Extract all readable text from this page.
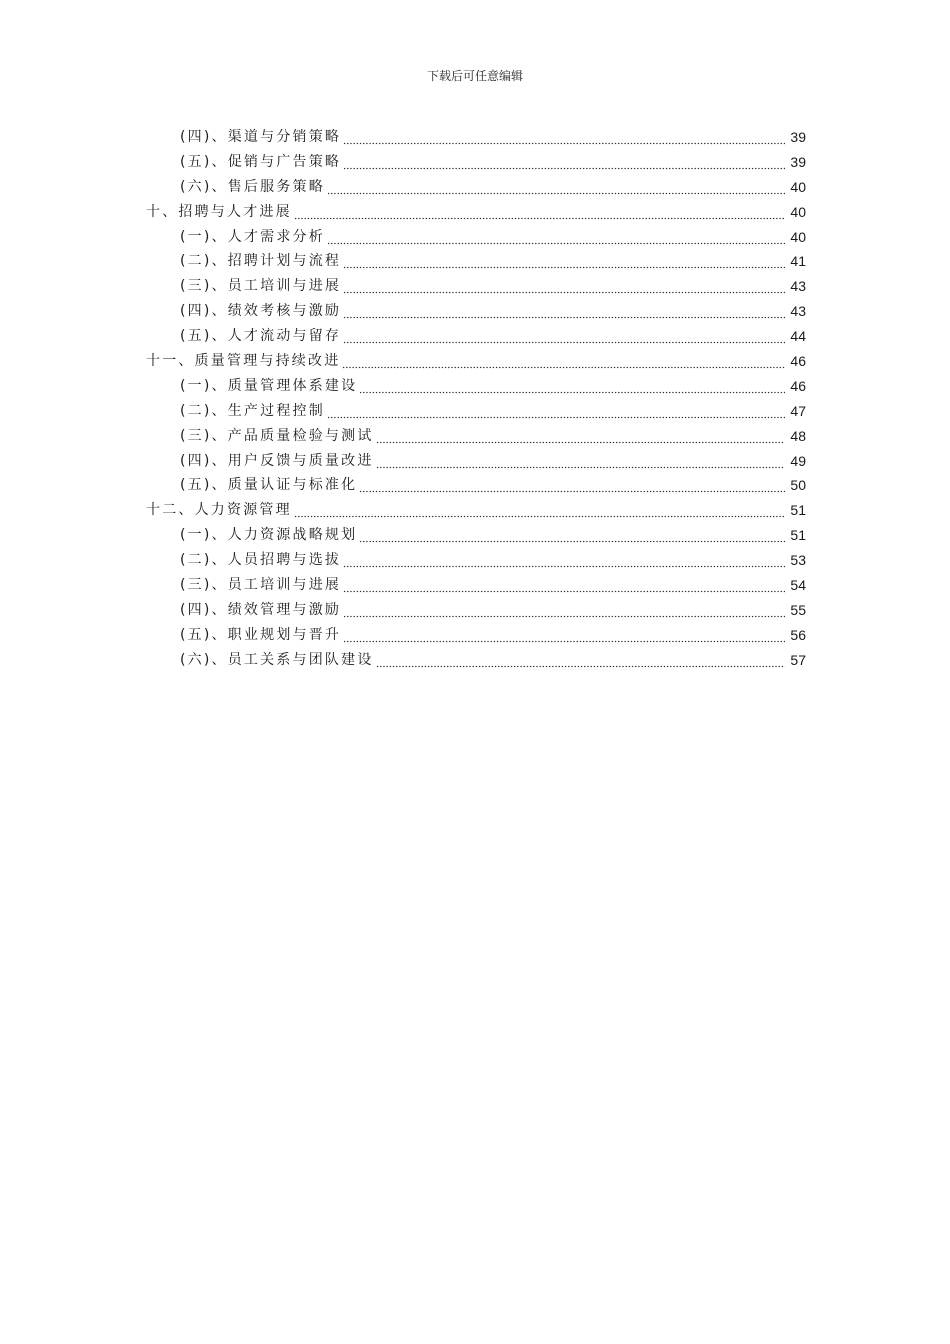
下载后可任意编辑
(四)、渠道与分销策略	39
(五)、促销与广告策略	39
(六)、售后服务策略	40
十、招聘与人才进展	40
(一)、人才需求分析	40
(二)、招聘计划与流程	41
(三)、员工培训与进展	43
(四)、绩效考核与激励	43
(五)、人才流动与留存	44
十一、质量管理与持续改进	46
(一)、质量管理体系建设	46
(二)、生产过程控制	47
(三)、产品质量检验与测试	48
(四)、用户反馈与质量改进	49
(五)、质量认证与标准化	50
十二、人力资源管理	51
(一)、人力资源战略规划	51
(二)、人员招聘与选拔	53
(三)、员工培训与进展	54
(四)、绩效管理与激励	55
(五)、职业规划与晋升	56
(六)、员工关系与团队建设	57
